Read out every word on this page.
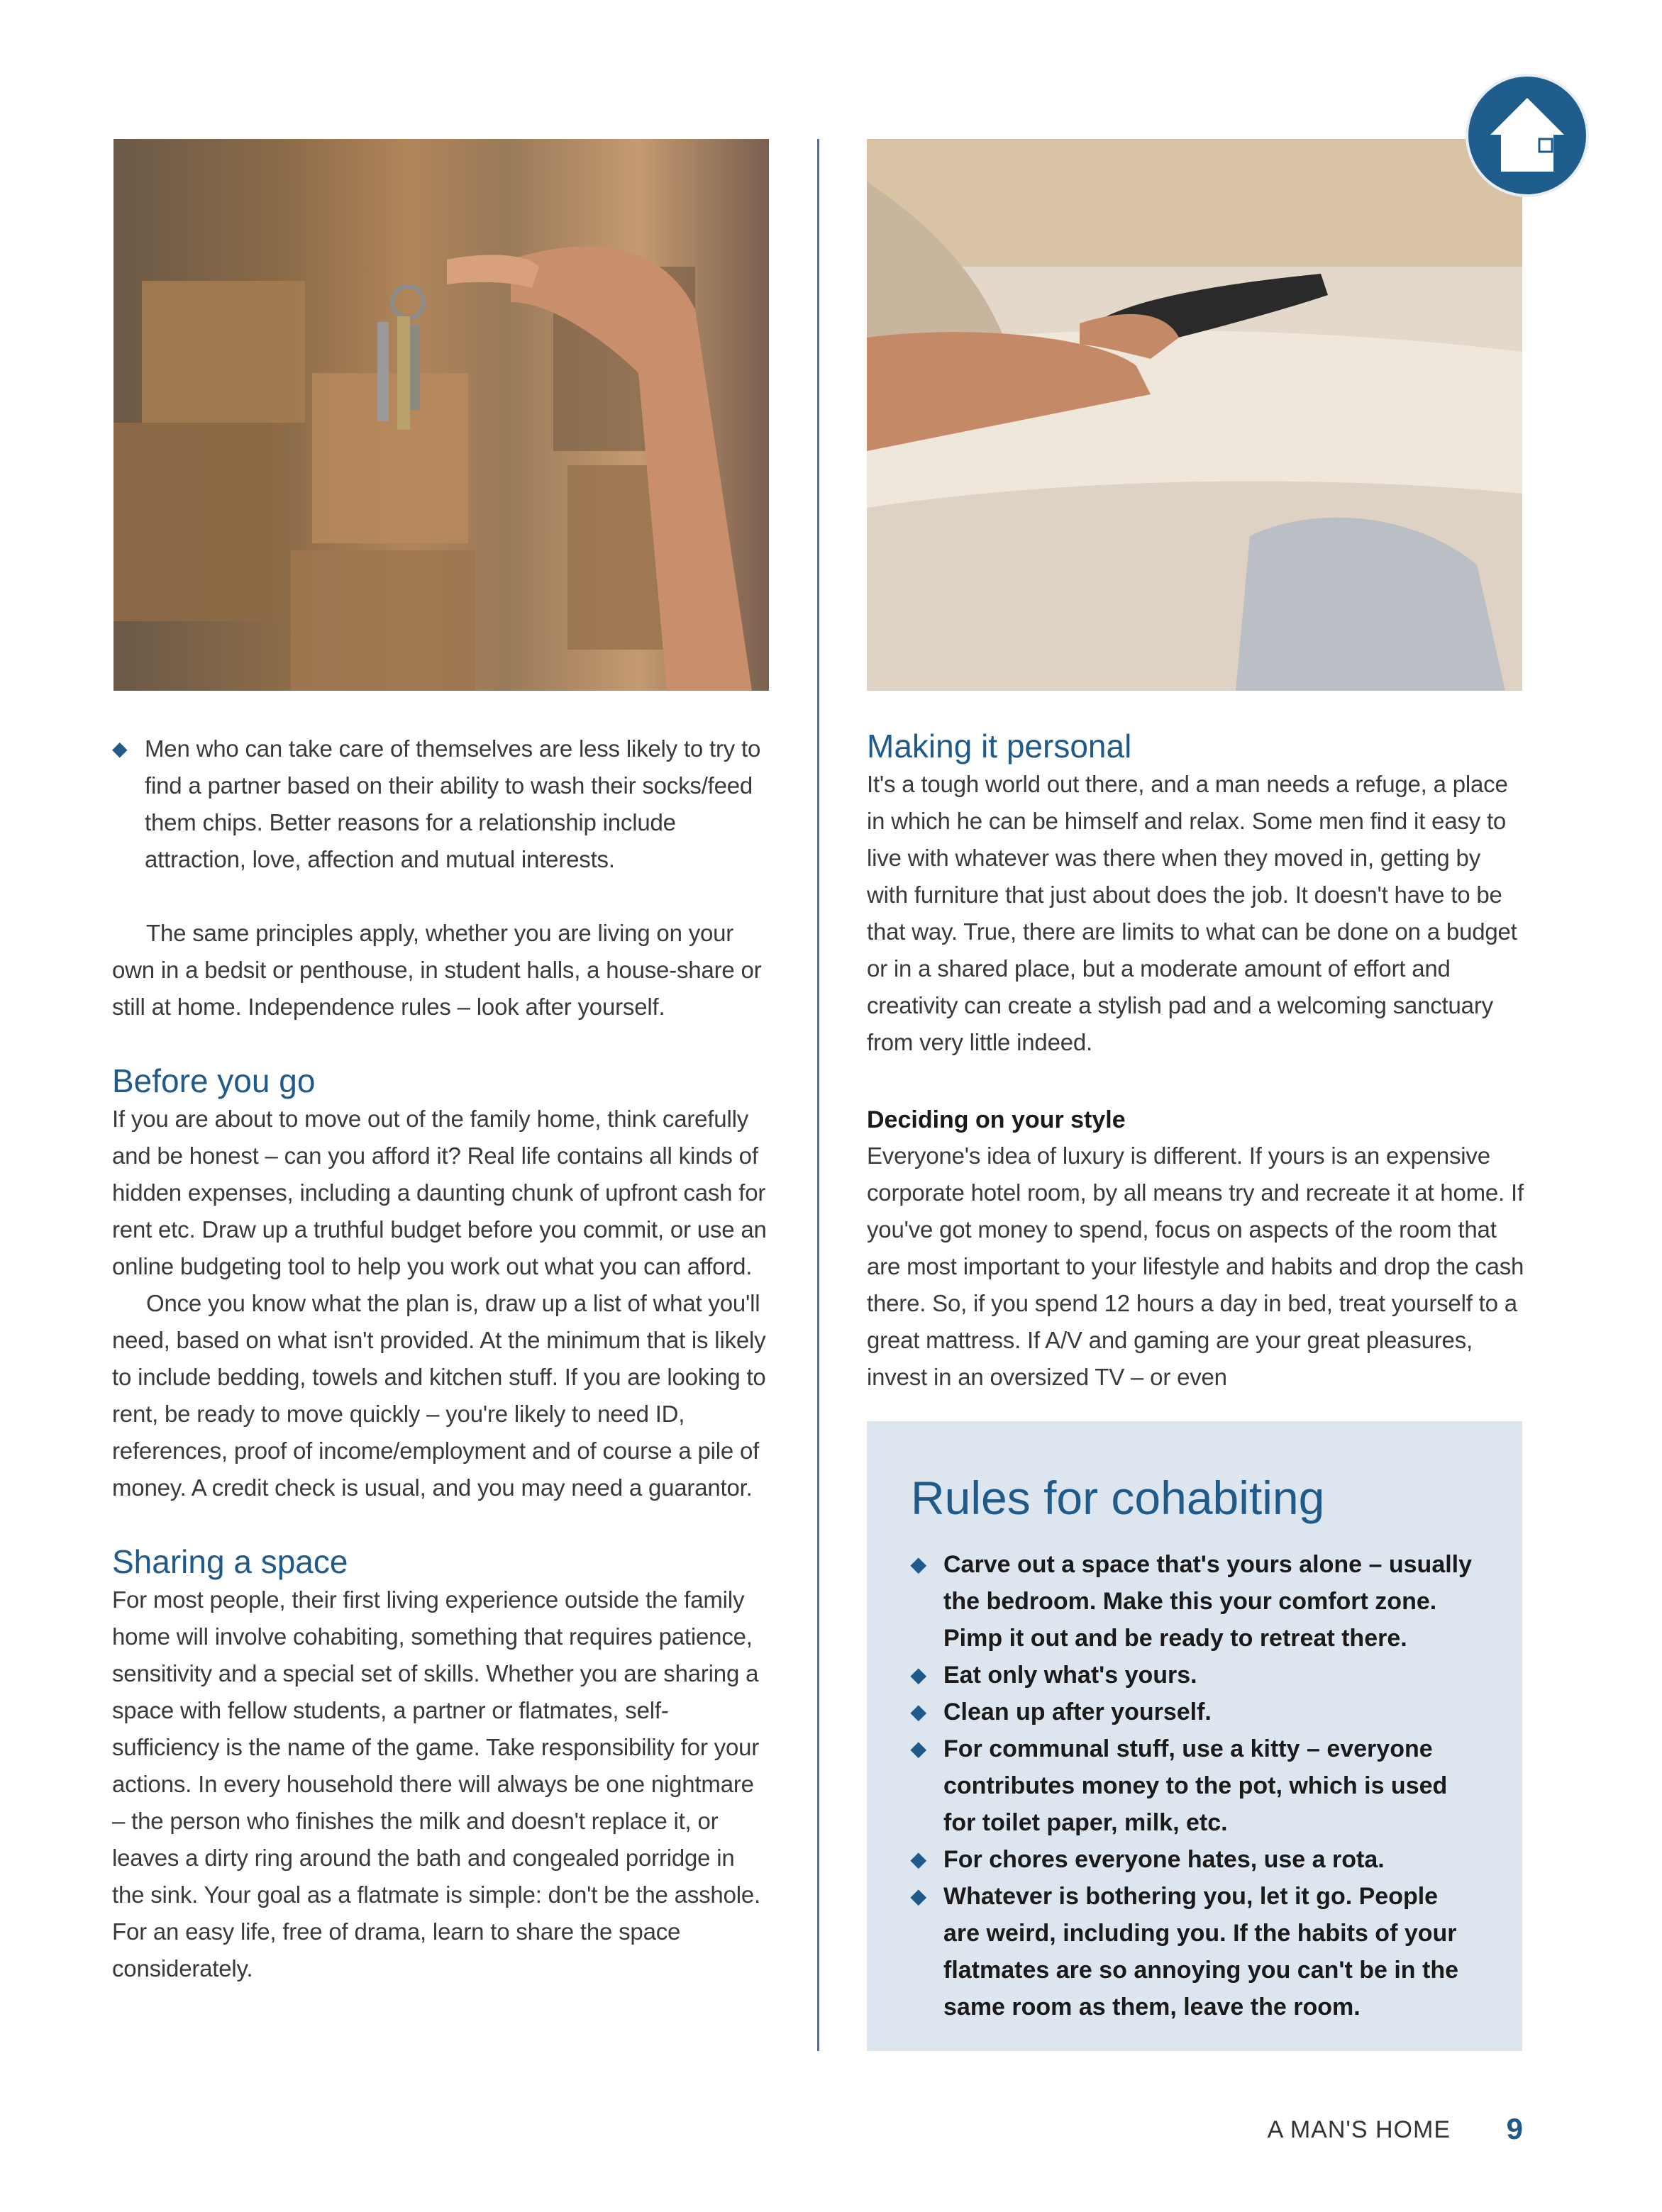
◆ Men who can take care of themselves are less likely to try to find a partner based on their ability to wash their socks/feed them chips. Better reasons for a relationship include attraction, love, affection and mutual interests.

The same principles apply, whether you are living on your own in a bedsit or penthouse, in student halls, a house-share or still at home. Independence rules – look after yourself.

Before you go

If you are about to move out of the family home, think carefully and be honest – can you afford it? Real life contains all kinds of hidden expenses, including a daunting chunk of upfront cash for rent etc. Draw up a truthful budget before you commit, or use an online budgeting tool to help you work out what you can afford.

Once you know what the plan is, draw up a list of what you'll need, based on what isn't provided. At the minimum that is likely to include bedding, towels and kitchen stuff. If you are looking to rent, be ready to move quickly – you're likely to need ID, references, proof of income/employment and of course a pile of money. A credit check is usual, and you may need a guarantor.

Sharing a space

For most people, their first living experience outside the family home will involve cohabiting, something that requires patience, sensitivity and a special set of skills. Whether you are sharing a space with fellow students, a partner or flatmates, self-sufficiency is the name of the game. Take responsibility for your actions. In every household there will always be one nightmare – the person who finishes the milk and doesn't replace it, or leaves a dirty ring around the bath and congealed porridge in the sink. Your goal as a flatmate is simple: don't be the asshole. For an easy life, free of drama, learn to share the space considerately.

Making it personal

It's a tough world out there, and a man needs a refuge, a place in which he can be himself and relax. Some men find it easy to live with whatever was there when they moved in, getting by with furniture that just about does the job. It doesn't have to be that way. True, there are limits to what can be done on a budget or in a shared place, but a moderate amount of effort and creativity can create a stylish pad and a welcoming sanctuary from very little indeed.

Deciding on your style

Everyone's idea of luxury is different. If yours is an expensive corporate hotel room, by all means try and recreate it at home. If you've got money to spend, focus on aspects of the room that are most important to your lifestyle and habits and drop the cash there. So, if you spend 12 hours a day in bed, treat yourself to a great mattress. If A/V and gaming are your great pleasures, invest in an oversized TV – or even

Rules for cohabiting
◆ Carve out a space that's yours alone – usually the bedroom. Make this your comfort zone. Pimp it out and be ready to retreat there.

◆ Eat only what's yours.

◆ Clean up after yourself.

◆ For communal stuff, use a kitty – everyone contributes money to the pot, which is used for toilet paper, milk, etc.

◆ For chores everyone hates, use a rota.

◆ Whatever is bothering you, let it go. People are weird, including you. If the habits of your flatmates are so annoying you can't be in the same room as them, leave the room.

A MAN'S HOME 9
